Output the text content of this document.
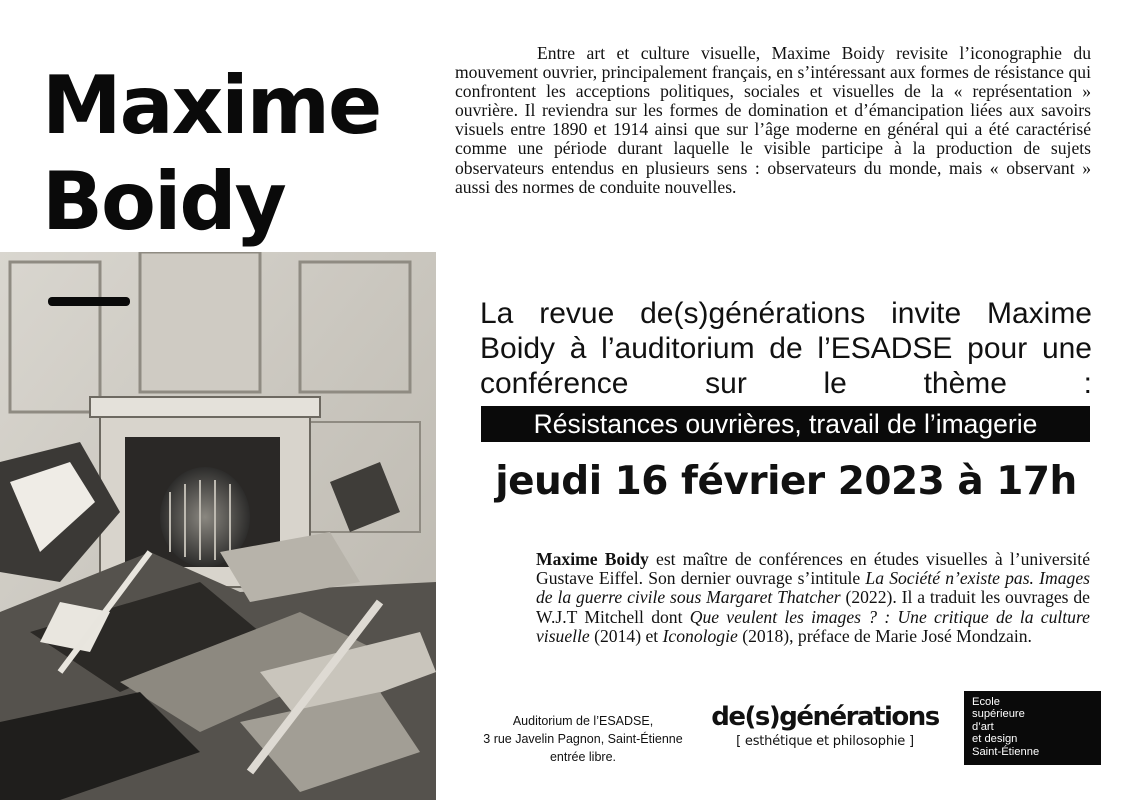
Maxime
Boidy

Entre art et culture visuelle, Maxime Boidy revisite l’iconographie du mouvement ouvrier, principalement français, en s’intéressant aux formes de résistance qui confrontent les acceptions politiques, sociales et visuelles de la « représentation » ouvrière. Il reviendra sur les formes de domination et d’émancipation liées aux savoirs visuels entre 1890 et 1914 ainsi que sur l’âge moderne en général qui a été caractérisé comme une période durant laquelle le visible participe à la production de sujets observateurs entendus en plusieurs sens : observateurs du monde, mais « observant » aussi des normes de conduite nouvelles.

La revue de(s)générations invite Maxime Boidy à l’auditorium de l’ESADSE pour une conférence sur le thème :

Résistances ouvrières, travail de l’imagerie

jeudi 16 février 2023 à 17h

Maxime Boidy est maître de conférences en études visuelles à l’université Gustave Eiffel. Son dernier ouvrage s’intitule La Société n’existe pas. Images de la guerre civile sous Margaret Thatcher (2022). Il a traduit les ouvrages de W.J.T Mitchell dont Que veulent les images ? : Une critique de la culture visuelle (2014) et Iconologie (2018), préface de Marie José Mondzain.

Auditorium de l’ESADSE,
3 rue Javelin Pagnon, Saint-Étienne
entrée libre.
de(s)générations
[ esthétique et philosophie ]
Ecole
supérieure
d’art
et design
Saint-Étienne
